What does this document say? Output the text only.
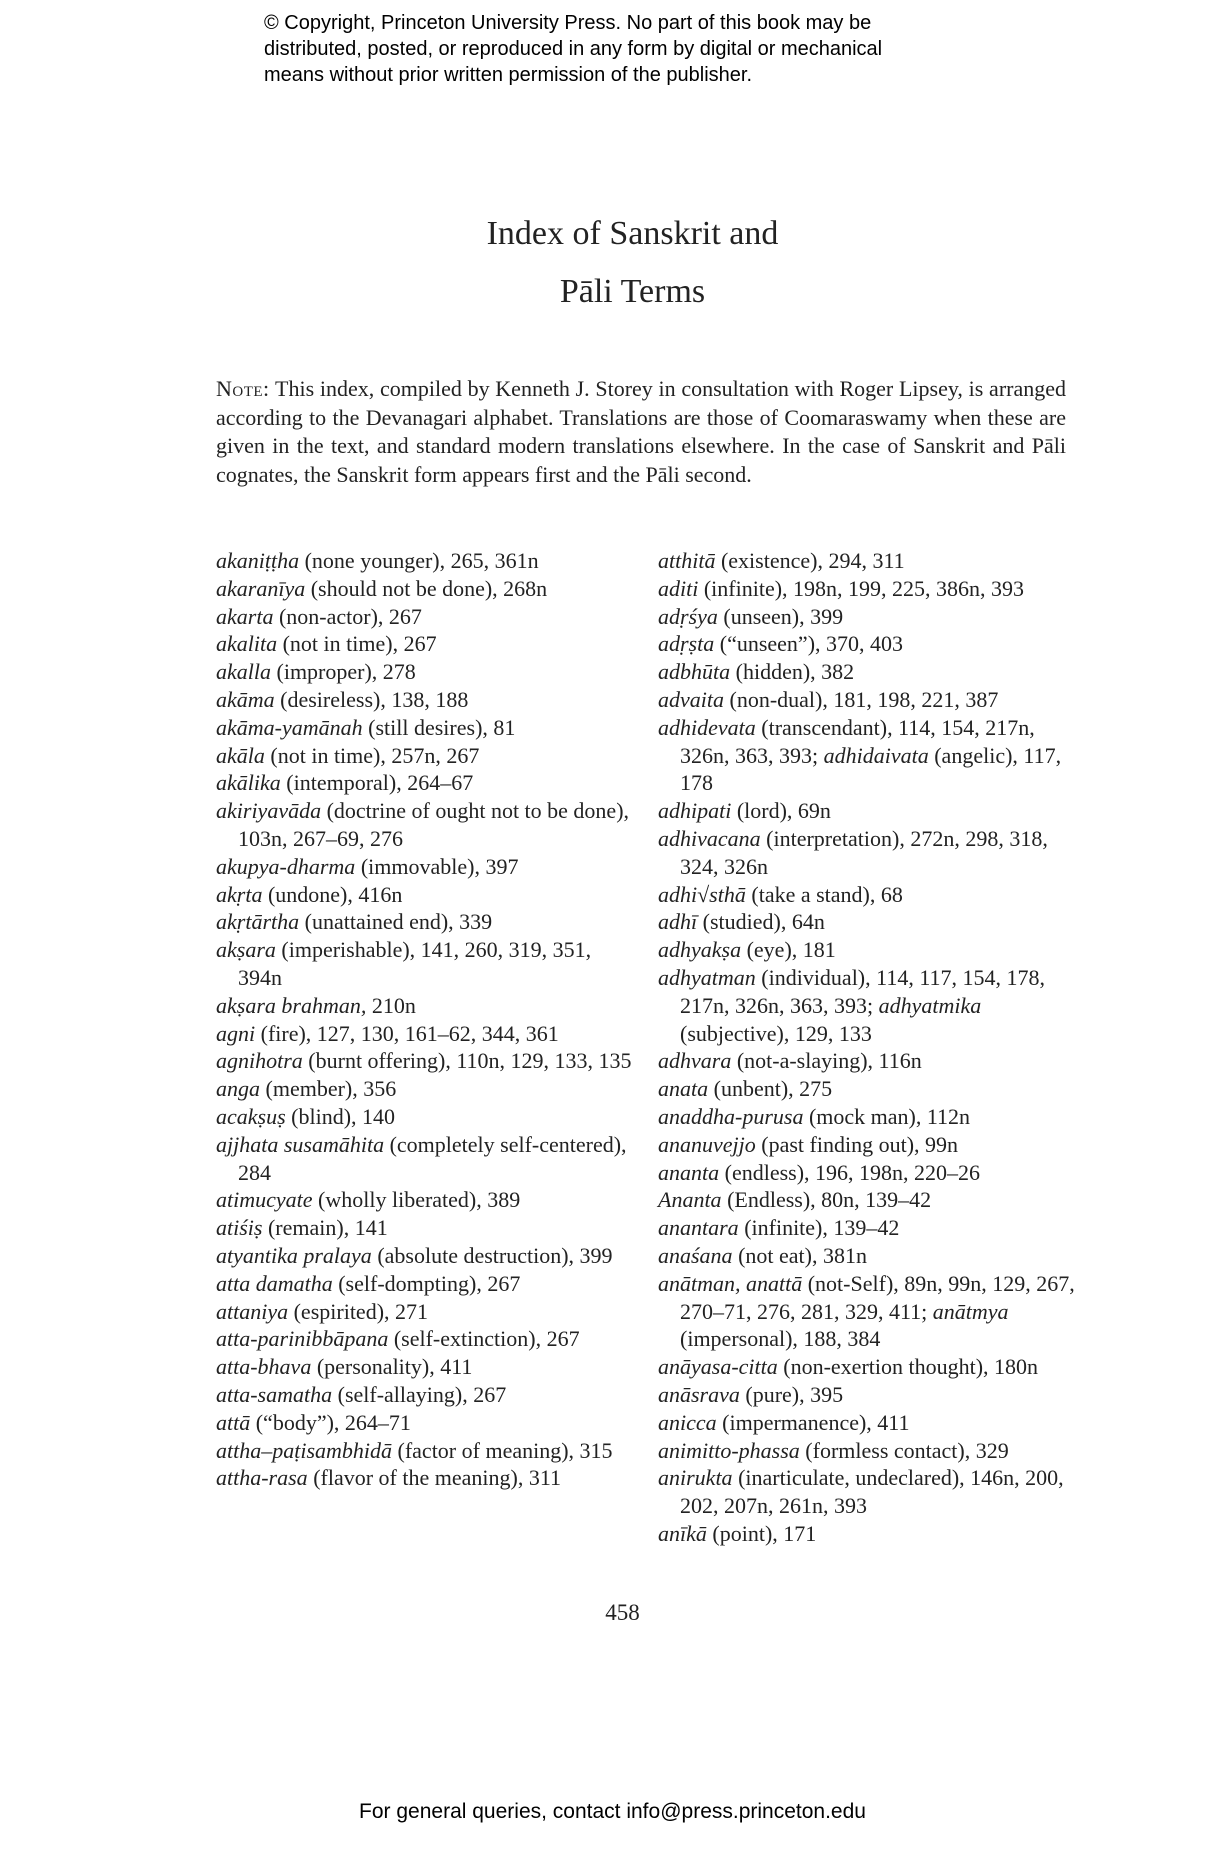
© Copyright, Princeton University Press. No part of this book may be
distributed, posted, or reproduced in any form by digital or mechanical
means without prior written permission of the publisher.
Index of Sanskrit and
Pāli Terms
Note: This index, compiled by Kenneth J. Storey in consultation with Roger Lipsey, is arranged according to the Devanagari alphabet. Translations are those of Coomaraswamy when these are given in the text, and standard modern translations elsewhere. In the case of Sanskrit and Pāli cognates, the Sanskrit form appears first and the Pāli second.
akaniṭṭha (none younger), 265, 361n
akaranīya (should not be done), 268n
akarta (non-actor), 267
akalita (not in time), 267
akalla (improper), 278
akāma (desireless), 138, 188
akāma-yamānah (still desires), 81
akāla (not in time), 257n, 267
akālika (intemporal), 264–67
akiriyavāda (doctrine of ought not to be done), 103n, 267–69, 276
akupya-dharma (immovable), 397
akṛta (undone), 416n
akṛtārtha (unattained end), 339
akṣara (imperishable), 141, 260, 319, 351, 394n
akṣara brahman, 210n
agni (fire), 127, 130, 161–62, 344, 361
agnihotra (burnt offering), 110n, 129, 133, 135
anga (member), 356
acakṣuṣ (blind), 140
ajjhata susamāhita (completely self-centered), 284
atimucyate (wholly liberated), 389
atiśiṣ (remain), 141
atyantika pralaya (absolute destruction), 399
atta damatha (self-dompting), 267
attaniya (espirited), 271
atta-parinibbāpana (self-extinction), 267
atta-bhava (personality), 411
atta-samatha (self-allaying), 267
attā (“body”), 264–71
attha–paṭisambhidā (factor of meaning), 315
attha-rasa (flavor of the meaning), 311
atthitā (existence), 294, 311
aditi (infinite), 198n, 199, 225, 386n, 393
adṛśya (unseen), 399
adṛṣta (“unseen”), 370, 403
adbhūta (hidden), 382
advaita (non-dual), 181, 198, 221, 387
adhidevata (transcendant), 114, 154, 217n, 326n, 363, 393; adhidaivata (angelic), 117, 178
adhipati (lord), 69n
adhivacana (interpretation), 272n, 298, 318, 324, 326n
adhi√sthā (take a stand), 68
adhī (studied), 64n
adhyakṣa (eye), 181
adhyatman (individual), 114, 117, 154, 178, 217n, 326n, 363, 393; adhyatmika (subjective), 129, 133
adhvara (not-a-slaying), 116n
anata (unbent), 275
anaddha-purusa (mock man), 112n
ananuvejjo (past finding out), 99n
ananta (endless), 196, 198n, 220–26
Ananta (Endless), 80n, 139–42
anantara (infinite), 139–42
anaśana (not eat), 381n
anātman, anattā (not-Self), 89n, 99n, 129, 267, 270–71, 276, 281, 329, 411; anātmya (impersonal), 188, 384
anāyasa-citta (non-exertion thought), 180n
anāsrava (pure), 395
anicca (impermanence), 411
animitto-phassa (formless contact), 329
anirukta (inarticulate, undeclared), 146n, 200, 202, 207n, 261n, 393
anīkā (point), 171
458
For general queries, contact info@press.princeton.edu
